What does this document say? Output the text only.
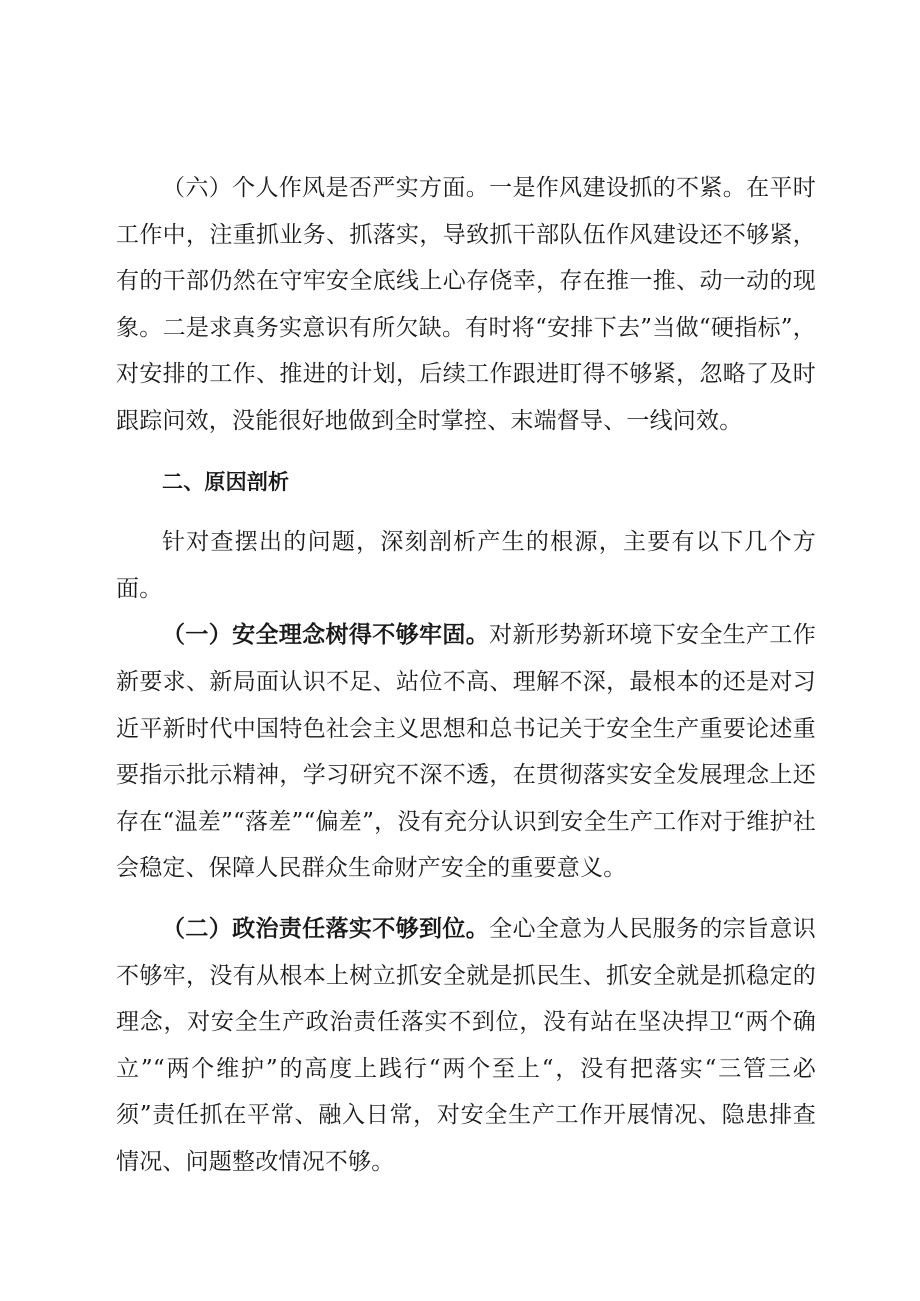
（六）个人作风是否严实方面。一是作风建设抓的不紧。在平时工作中，注重抓业务、抓落实，导致抓干部队伍作风建设还不够紧，有的干部仍然在守牢安全底线上心存侥幸，存在推一推、动一动的现象。二是求真务实意识有所欠缺。有时将“安排下去”当做“硬指标”，对安排的工作、推进的计划，后续工作跟进盯得不够紧，忽略了及时跟踪问效，没能很好地做到全时掌控、末端督导、一线问效。

二、原因剖析

针对查摆出的问题，深刻剖析产生的根源，主要有以下几个方面。

（一）安全理念树得不够牢固。对新形势新环境下安全生产工作新要求、新局面认识不足、站位不高、理解不深，最根本的还是对习近平新时代中国特色社会主义思想和总书记关于安全生产重要论述重要指示批示精神，学习研究不深不透，在贯彻落实安全发展理念上还存在“温差”“落差”“偏差”，没有充分认识到安全生产工作对于维护社会稳定、保障人民群众生命财产安全的重要意义。

（二）政治责任落实不够到位。全心全意为人民服务的宗旨意识不够牢，没有从根本上树立抓安全就是抓民生、抓安全就是抓稳定的理念，对安全生产政治责任落实不到位，没有站在坚决捍卫“两个确立”“两个维护”的高度上践行“两个至上“，没有把落实“三管三必须”责任抓在平常、融入日常，对安全生产工作开展情况、隐患排查情况、问题整改情况不够。
